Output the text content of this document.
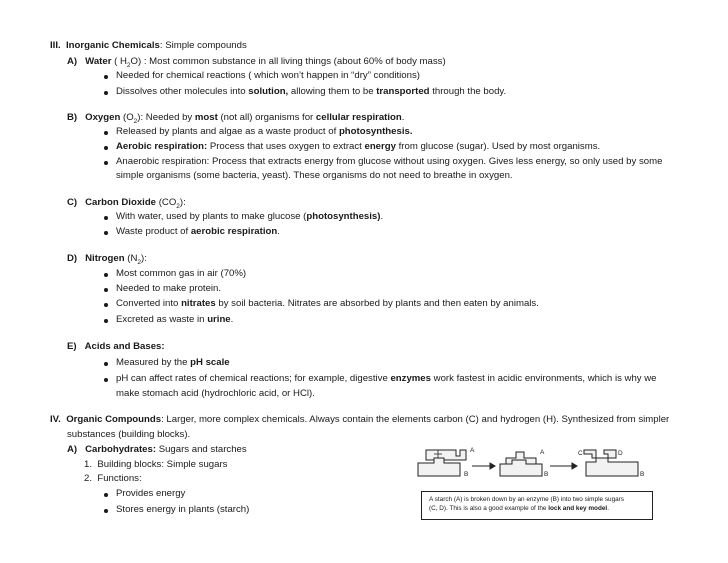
III. Inorganic Chemicals: Simple compounds
A) Water ( $H_2O$) : Most common substance in all living things (about 60% of body mass)
Needed for chemical reactions ( which won’t happen in “dry” conditions)
Dissolves other molecules into solution, allowing them to be transported through the body.
B) Oxygen $(O_2)$: Needed by most (not all) organisms for cellular respiration.
Released by plants and algae as a waste product of photosynthesis.
Aerobic respiration: Process that uses oxygen to extract energy from glucose (sugar). Used by most organisms.
Anaerobic respiration: Process that extracts energy from glucose without using oxygen. Gives less energy, so only used by some
simple organisms (some bacteria, yeast). These organisms do not need to breathe in oxygen.
C) Carbon Dioxide $(CO_2)$:
With water, used by plants to make glucose (photosynthesis).
Waste product of aerobic respiration.
D) Nitrogen $(N_2)$:
Most common gas in air (70%)
Needed to make protein.
Converted into nitrates by soil bacteria. Nitrates are absorbed by plants and then eaten by animals.
Excreted as waste in urine.
E) Acids and Bases:
Measured by the pH scale
pH can affect rates of chemical reactions; for example, digestive enzymes work fastest in acidic environments, which is why we
make stomach acid (hydrochloric acid, or HCl).
IV. Organic Compounds: Larger, more complex chemicals. Always contain the elements carbon (C) and hydrogen (H). Synthesized from simpler
substances (building blocks).
A) Carbohydrates: Sugars and starches
1. Building blocks: Simple sugars
2. Functions:
Provides energy
Stores energy in plants (starch)
A
B
A
B
C	D
B
A starch (A) is broken down by an enzyme (B) into two simple sugars
(C, D). This is also a good example of the lock and key model.
